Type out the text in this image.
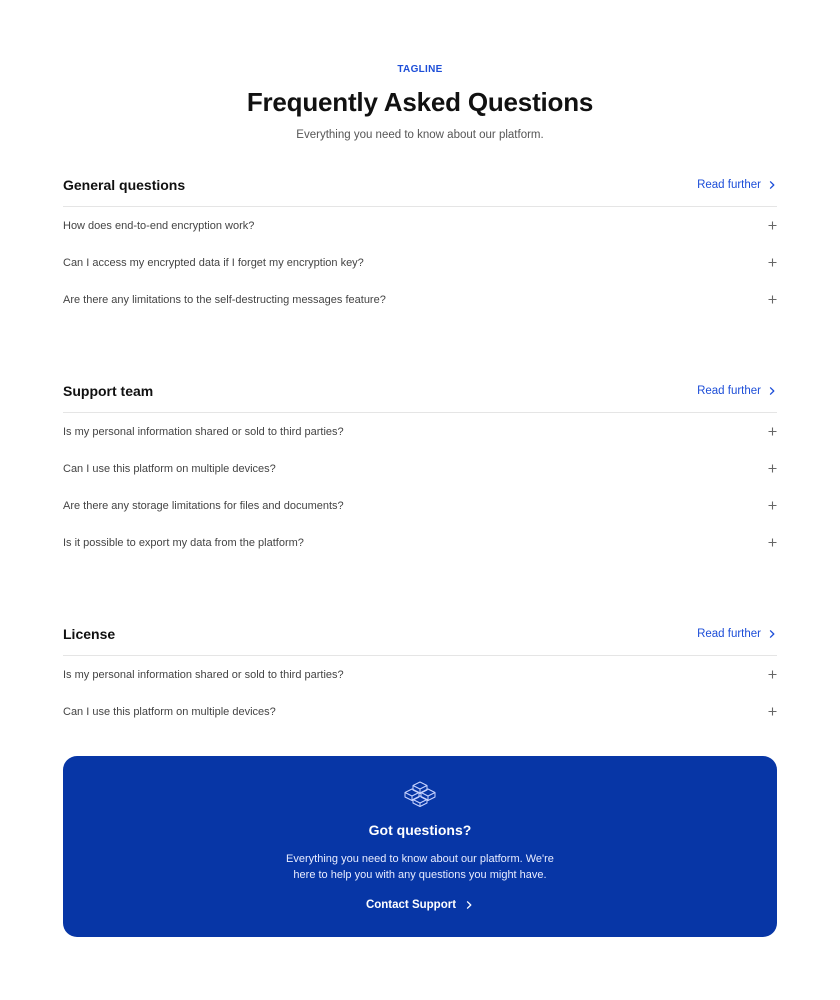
TAGLINE
Frequently Asked Questions
Everything you need to know about our platform.
General questions	Read further
How does end-to-end encryption work?
Can I access my encrypted data if I forget my encryption key?
Are there any limitations to the self-destructing messages feature?
Support team	Read further
Is my personal information shared or sold to third parties?
Can I use this platform on multiple devices?
Are there any storage limitations for files and documents?
Is it possible to export my data from the platform?
License	Read further
Is my personal information shared or sold to third parties?
Can I use this platform on multiple devices?
Got questions?
Everything you need to know about our platform. We're here to help you with any questions you might have.
Contact Support
